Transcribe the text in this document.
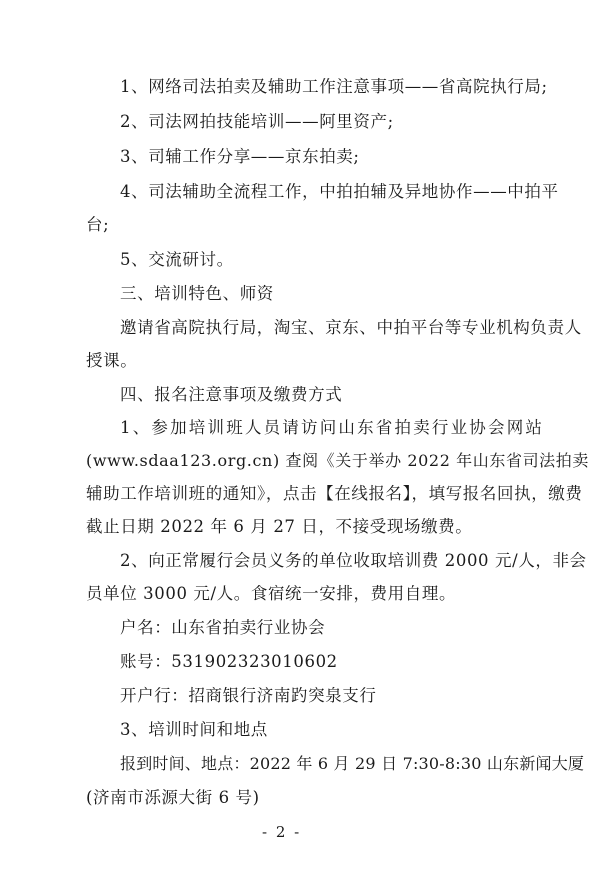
1、网络司法拍卖及辅助工作注意事项——省高院执行局;
2、司法网拍技能培训——阿里资产;
3、司辅工作分享——京东拍卖;
4、司法辅助全流程工作，中拍拍辅及异地协作——中拍平
台;
5、交流研讨。
三、培训特色、师资
邀请省高院执行局，淘宝、京东、中拍平台等专业机构负责人
授课。
四、报名注意事项及缴费方式
1、参加培训班人员请访问山东省拍卖行业协会网站
(www.sdaa123.org.cn) 查阅《关于举办 2022 年山东省司法拍卖
辅助工作培训班的通知》，点击【在线报名】，填写报名回执，缴费
截止日期 2022 年 6 月 27 日，不接受现场缴费。
2、向正常履行会员义务的单位收取培训费 2000 元/人，非会
员单位 3000 元/人。食宿统一安排，费用自理。
户名：山东省拍卖行业协会
账号：531902323010602
开户行：招商银行济南趵突泉支行
3、培训时间和地点
报到时间、地点：2022 年 6 月 29 日 7:30-8:30 山东新闻大厦
(济南市泺源大街 6 号)
- 2 -
